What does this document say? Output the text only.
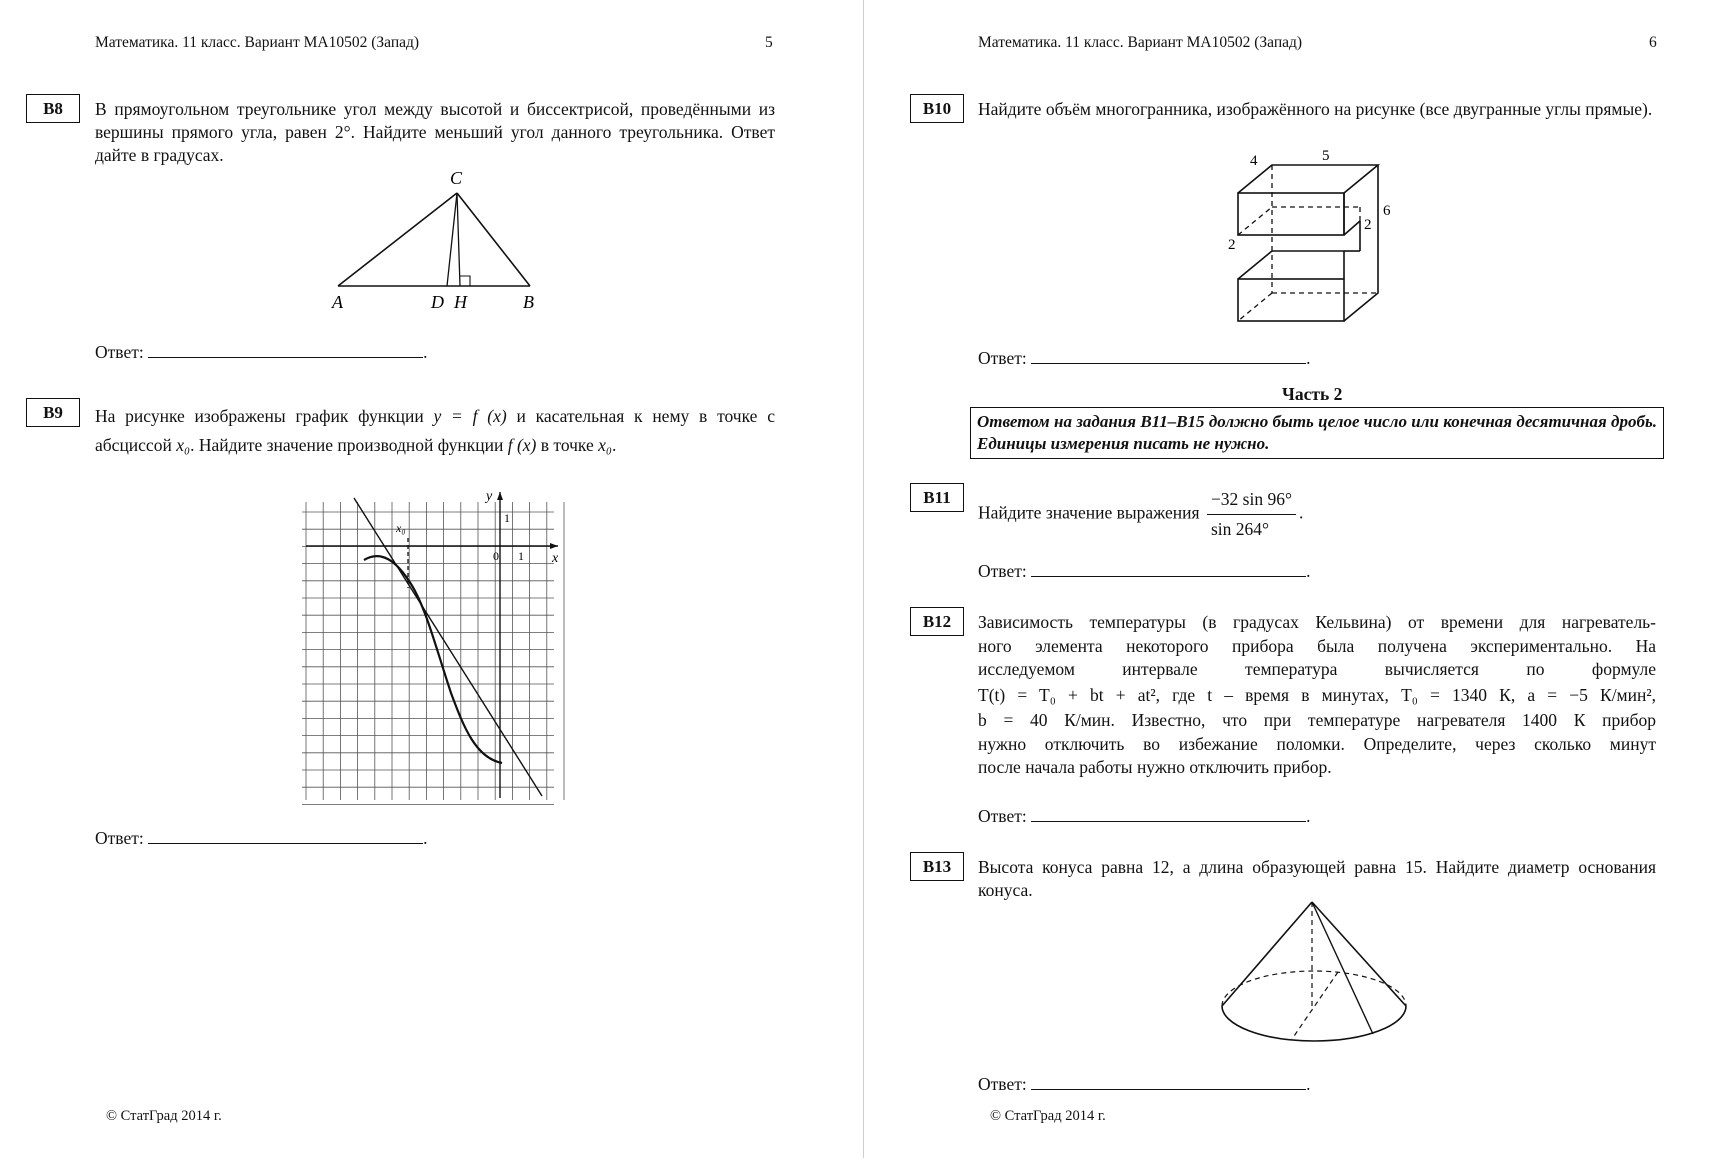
Математика. 11 класс. Вариант МА10502 (Запад)	5
B8	В прямоугольном треугольнике угол между высотой и биссектрисой, проведёнными из вершины прямого угла, равен 2°. Найдите меньший угол данного треугольника. Ответ дайте в градусах.
A	B
C
D H
Ответ:	.
B9	На рисунке изображены график функции y = f (x) и касательная к нему в точке с абсциссой x₀. Найдите значение производной функции f (x) в точке x₀.
y
x
1
1
0
x₀
Ответ:	.
© СтатГрад 2014 г.
Математика. 11 класс. Вариант МА10502 (Запад)	6
B10	Найдите объём многогранника, изображённого на рисунке (все двугранные углы прямые).
5
4
6
2
2
Ответ:	.
Часть 2
Ответом на задания B11–B15 должно быть целое число или конечная десятичная дробь. Единицы измерения писать не нужно.
B11
Найдите значение выражения $\frac{-32 \sin 96^\circ}{\sin 264^\circ}$ .
Ответ:	.
B12	Зависимость температуры (в градусах Кельвина) от времени для нагреватель-
ного элемента некоторого прибора была получена экспериментально. На
исследуемом интервале температура вычисляется по формуле
T(t) = T₀ + bt + at², где t – время в минутах, T₀ = 1340 К, a = −5 К/мин²,
b = 40 К/мин. Известно, что при температуре нагревателя 1400 К прибор
нужно отключить во избежание поломки. Определите, через сколько минут
после начала работы нужно отключить прибор.
Ответ:	.
B13	Высота конуса равна 12, а длина образующей равна 15. Найдите диаметр основания конуса.
Ответ:	.
© СтатГрад 2014 г.
